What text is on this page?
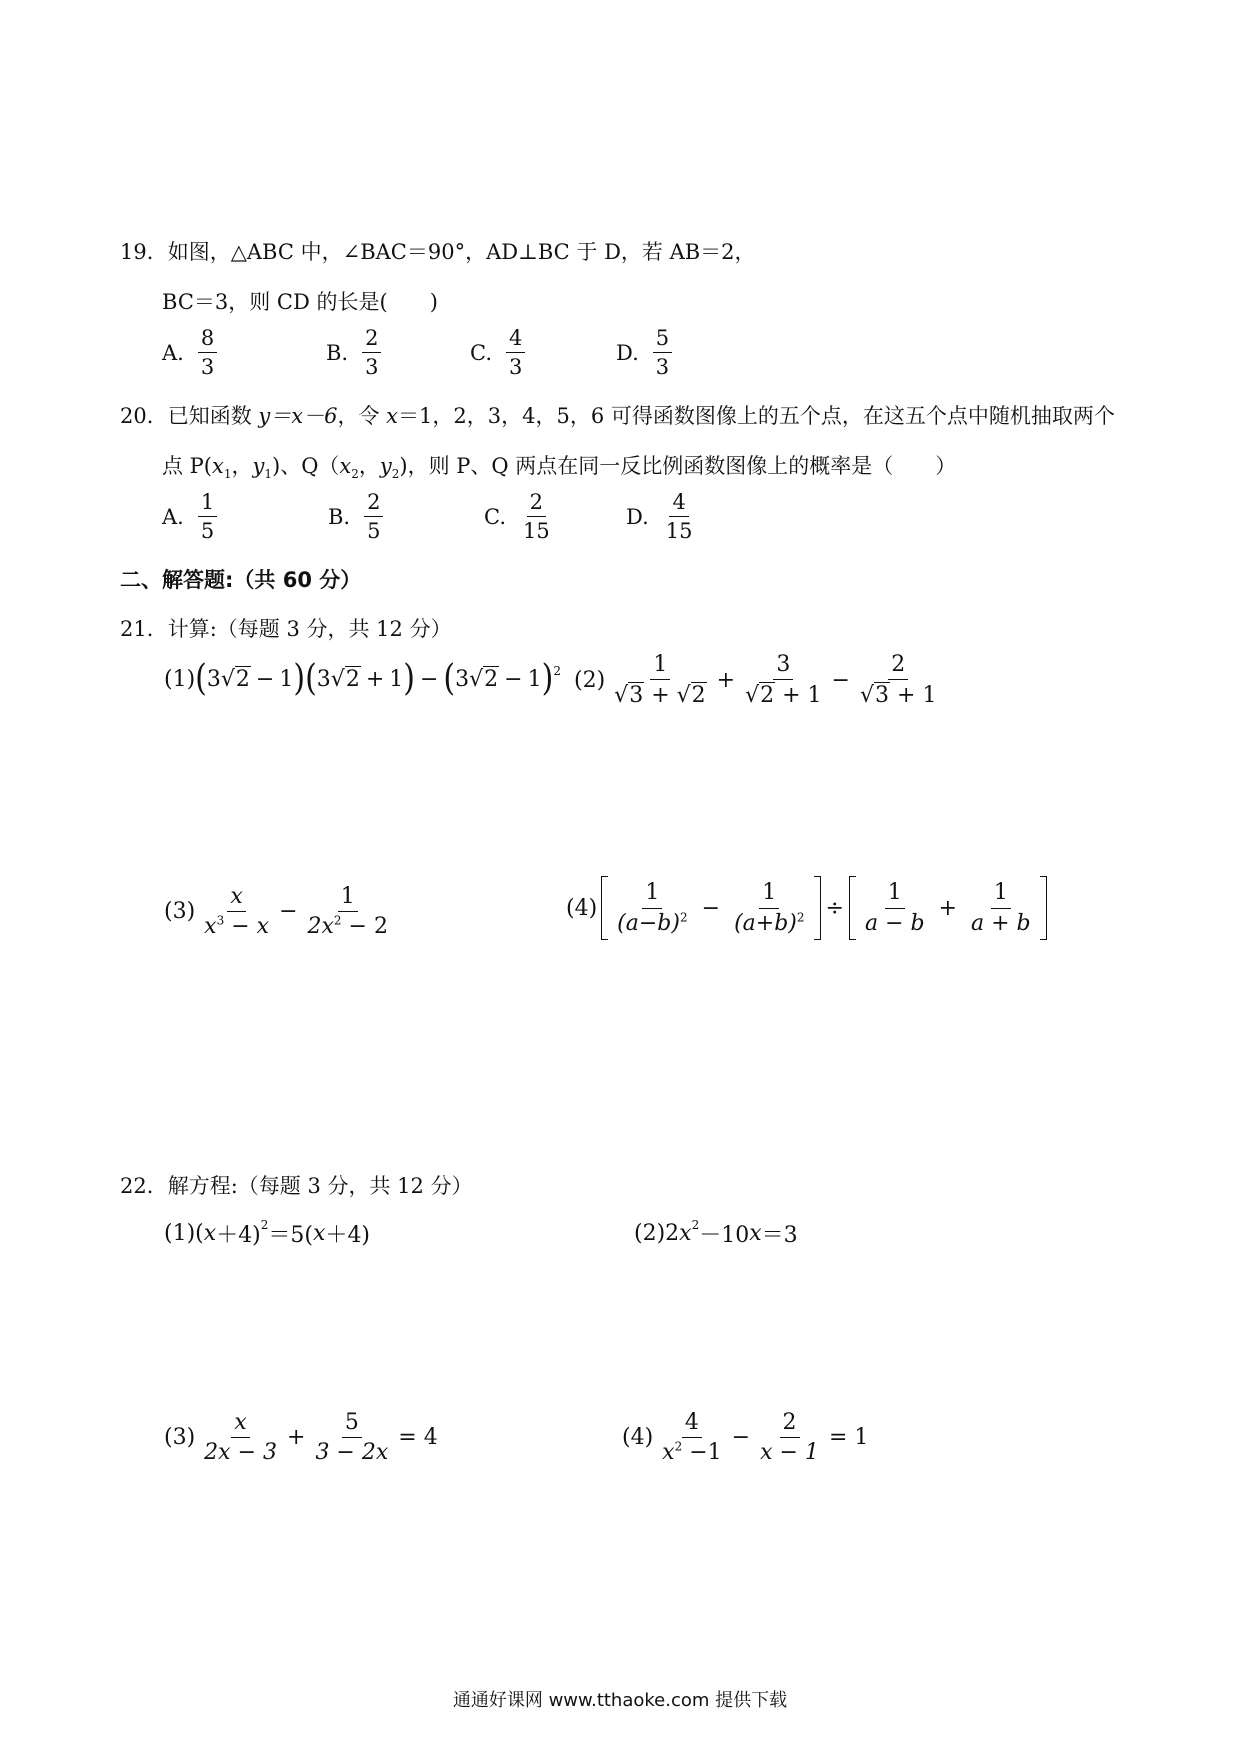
19．如图，△ABC 中，∠BAC＝90°，AD⊥BC 于 D，若 AB＝2，
BC＝3，则 CD 的长是(　　)
A. $\frac{8}{3}$	B. $\frac{2}{3}$	C. $\frac{4}{3}$	D. $\frac{5}{3}$
20．已知函数 y＝x－6，令 x＝1，2，3，4，5，6 可得函数图像上的五个点，在这五个点中随机抽取两个
点 $P(x_1$，$y_1$)、$Q(x_2$，$y_2$)，则 P、Q 两点在同一反比例函数图像上的概率是（　　）
A. $\frac{1}{5}$	B. $\frac{2}{5}$	C. $\frac{2}{15}$	D. $\frac{4}{15}$
二、解答题:（共 60 分）
21．计算:（每题 3 分，共 12 分）
(1) ( 3 √ 2 − 1 ) ( 3 √ 2 + 1 ) − ( 3 √ 2 − 1 )$^2$ $(2) \frac{1}{√ 3 + √ 2} + \frac{3}{√ 2 + 1} - \frac{2}{√ 3 + 1}$
$(3) \frac{x}{x^3 - x} - \frac{1}{2x^2 - 2}$	$(4) \frac{1}{(a-b)^2} - \frac{1}{(a+b)^2} \div \frac{1}{a - b} + \frac{1}{a + b}$
22．解方程:（每题 3 分，共 12 分）
(1) ( x ＋4)$^2$ ＝5( x ＋4)	(2) 2 $x^2 -10$ x ＝3
$(3) \frac{x}{2x - 3} + \frac{5}{3 - 2x} = 4$	$(4) \frac{4}{x^2 -1} - \frac{2}{x - 1} = 1$
通通好课网 www.tthaoke.com 提供下载
